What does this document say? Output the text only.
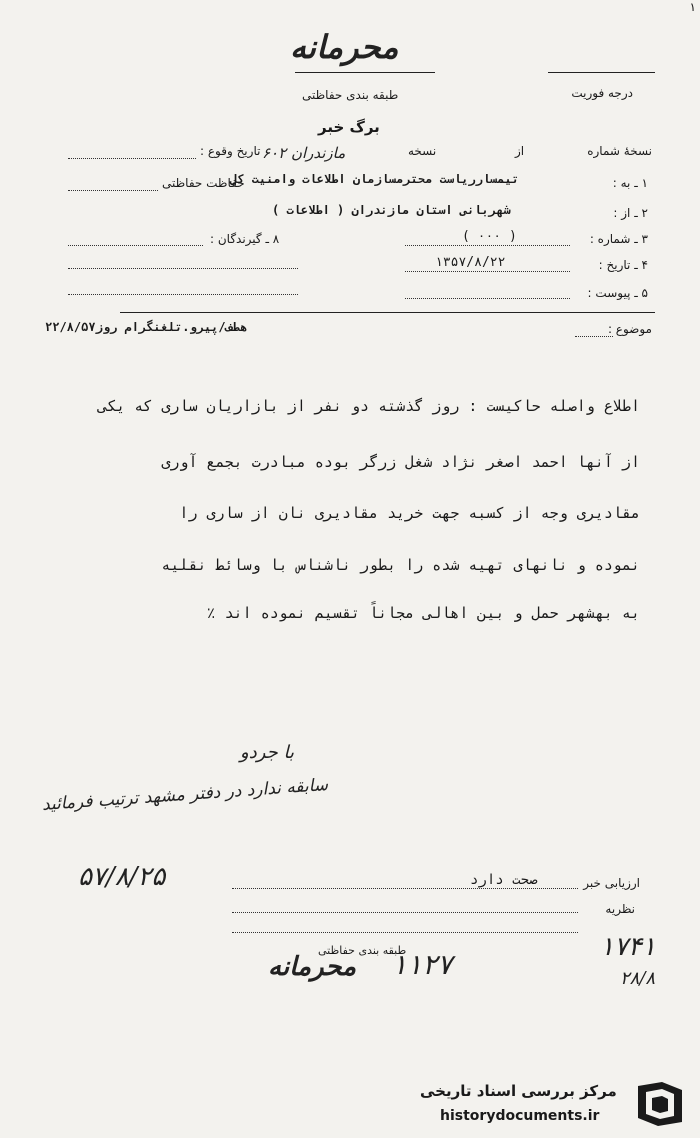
١
محرمانه
درجه فوریت
طبقه بندی حفاظتی
برگ خبر
نسخهٔ شماره
از
نسخه
تاریخ وقوع : مازندران ۶۰۲
١ ـ به :
تیمسارریاست محترمسازمان اطلاعات وامنیت کل
حفاظت حفاظتی
٢ ـ از :
شهربانی استان مازندران ( اطلاعات )
٣ ـ شماره :
( ۰۰۰ )
۸ ـ گیرندگان :
۴ ـ تاریخ :
۱۳۵۷/۸/۲۲
۵ ـ پیوست :
موضوع :
هطف/پیرو.تلغنگرام روز۲۲/۸/۵۷
اطلاع واصله حاکیست : روز گذشته دو نفر از بازاریان ساری که یکی
از آنها احمد اصغر نژاد شغل زرگر بوده مبادرت بجمع آوری
مقادیری وجه از کسبه جهت خرید مقادیری نان از ساری را
نموده و نانهای تهیه شده را بطور ناشناس با وسائط نقلیه
به بهشهر حمل و بین اهالی مجاناً تقسیم نموده اند ٪
با جردو
سابقه ندارد در دفتر مشهد ترتیب فرمائید
۵۷/۸/۲۵	ارزیابی خبر
صحت دارد
نظریه
۱۷۴۱
۲۸/۸
طبقه بندی حفاظتی
محرمانه ۱۱۲۷
مرکز بررسی اسناد تاریخی
historydocuments.ir
